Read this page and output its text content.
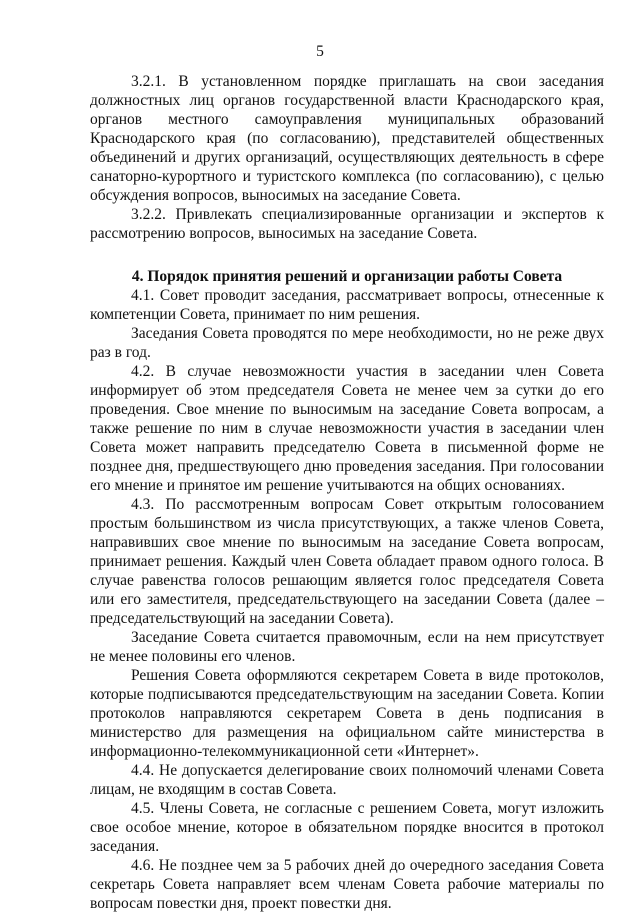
5

3.2.1. В установленном порядке приглашать на свои заседания должностных лиц органов государственной власти Краснодарского края, органов местного самоуправления муниципальных образований Краснодарского края (по согласованию), представителей общественных объединений и других организаций, осуществляющих деятельность в сфере санаторно-курортного и туристского комплекса (по согласованию), с целью обсуждения вопросов, выносимых на заседание Совета.

3.2.2. Привлекать специализированные организации и экспертов к рассмотрению вопросов, выносимых на заседание Совета.

4. Порядок принятия решений и организации работы Совета

4.1. Совет проводит заседания, рассматривает вопросы, отнесенные к компетенции Совета, принимает по ним решения.

Заседания Совета проводятся по мере необходимости, но не реже двух раз в год.

4.2. В случае невозможности участия в заседании член Совета информирует об этом председателя Совета не менее чем за сутки до его проведения. Свое мнение по выносимым на заседание Совета вопросам, а также решение по ним в случае невозможности участия в заседании член Совета может направить председателю Совета в письменной форме не позднее дня, предшествующего дню проведения заседания. При голосовании его мнение и принятое им решение учитываются на общих основаниях.

4.3. По рассмотренным вопросам Совет открытым голосованием простым большинством из числа присутствующих, а также членов Совета, направивших свое мнение по выносимым на заседание Совета вопросам, принимает решения. Каждый член Совета обладает правом одного голоса. В случае равенства голосов решающим является голос председателя Совета или его заместителя, председательствующего на заседании Совета (далее – председательствующий на заседании Совета).

Заседание Совета считается правомочным, если на нем присутствует не менее половины его членов.

Решения Совета оформляются секретарем Совета в виде протоколов, которые подписываются председательствующим на заседании Совета. Копии протоколов направляются секретарем Совета в день подписания в министерство для размещения на официальном сайте министерства в информационно-телекоммуникационной сети «Интернет».

4.4. Не допускается делегирование своих полномочий членами Совета лицам, не входящим в состав Совета.

4.5. Члены Совета, не согласные с решением Совета, могут изложить свое особое мнение, которое в обязательном порядке вносится в протокол заседания.

4.6. Не позднее чем за 5 рабочих дней до очередного заседания Совета секретарь Совета направляет всем членам Совета рабочие материалы по вопросам повестки дня, проект повестки дня.
